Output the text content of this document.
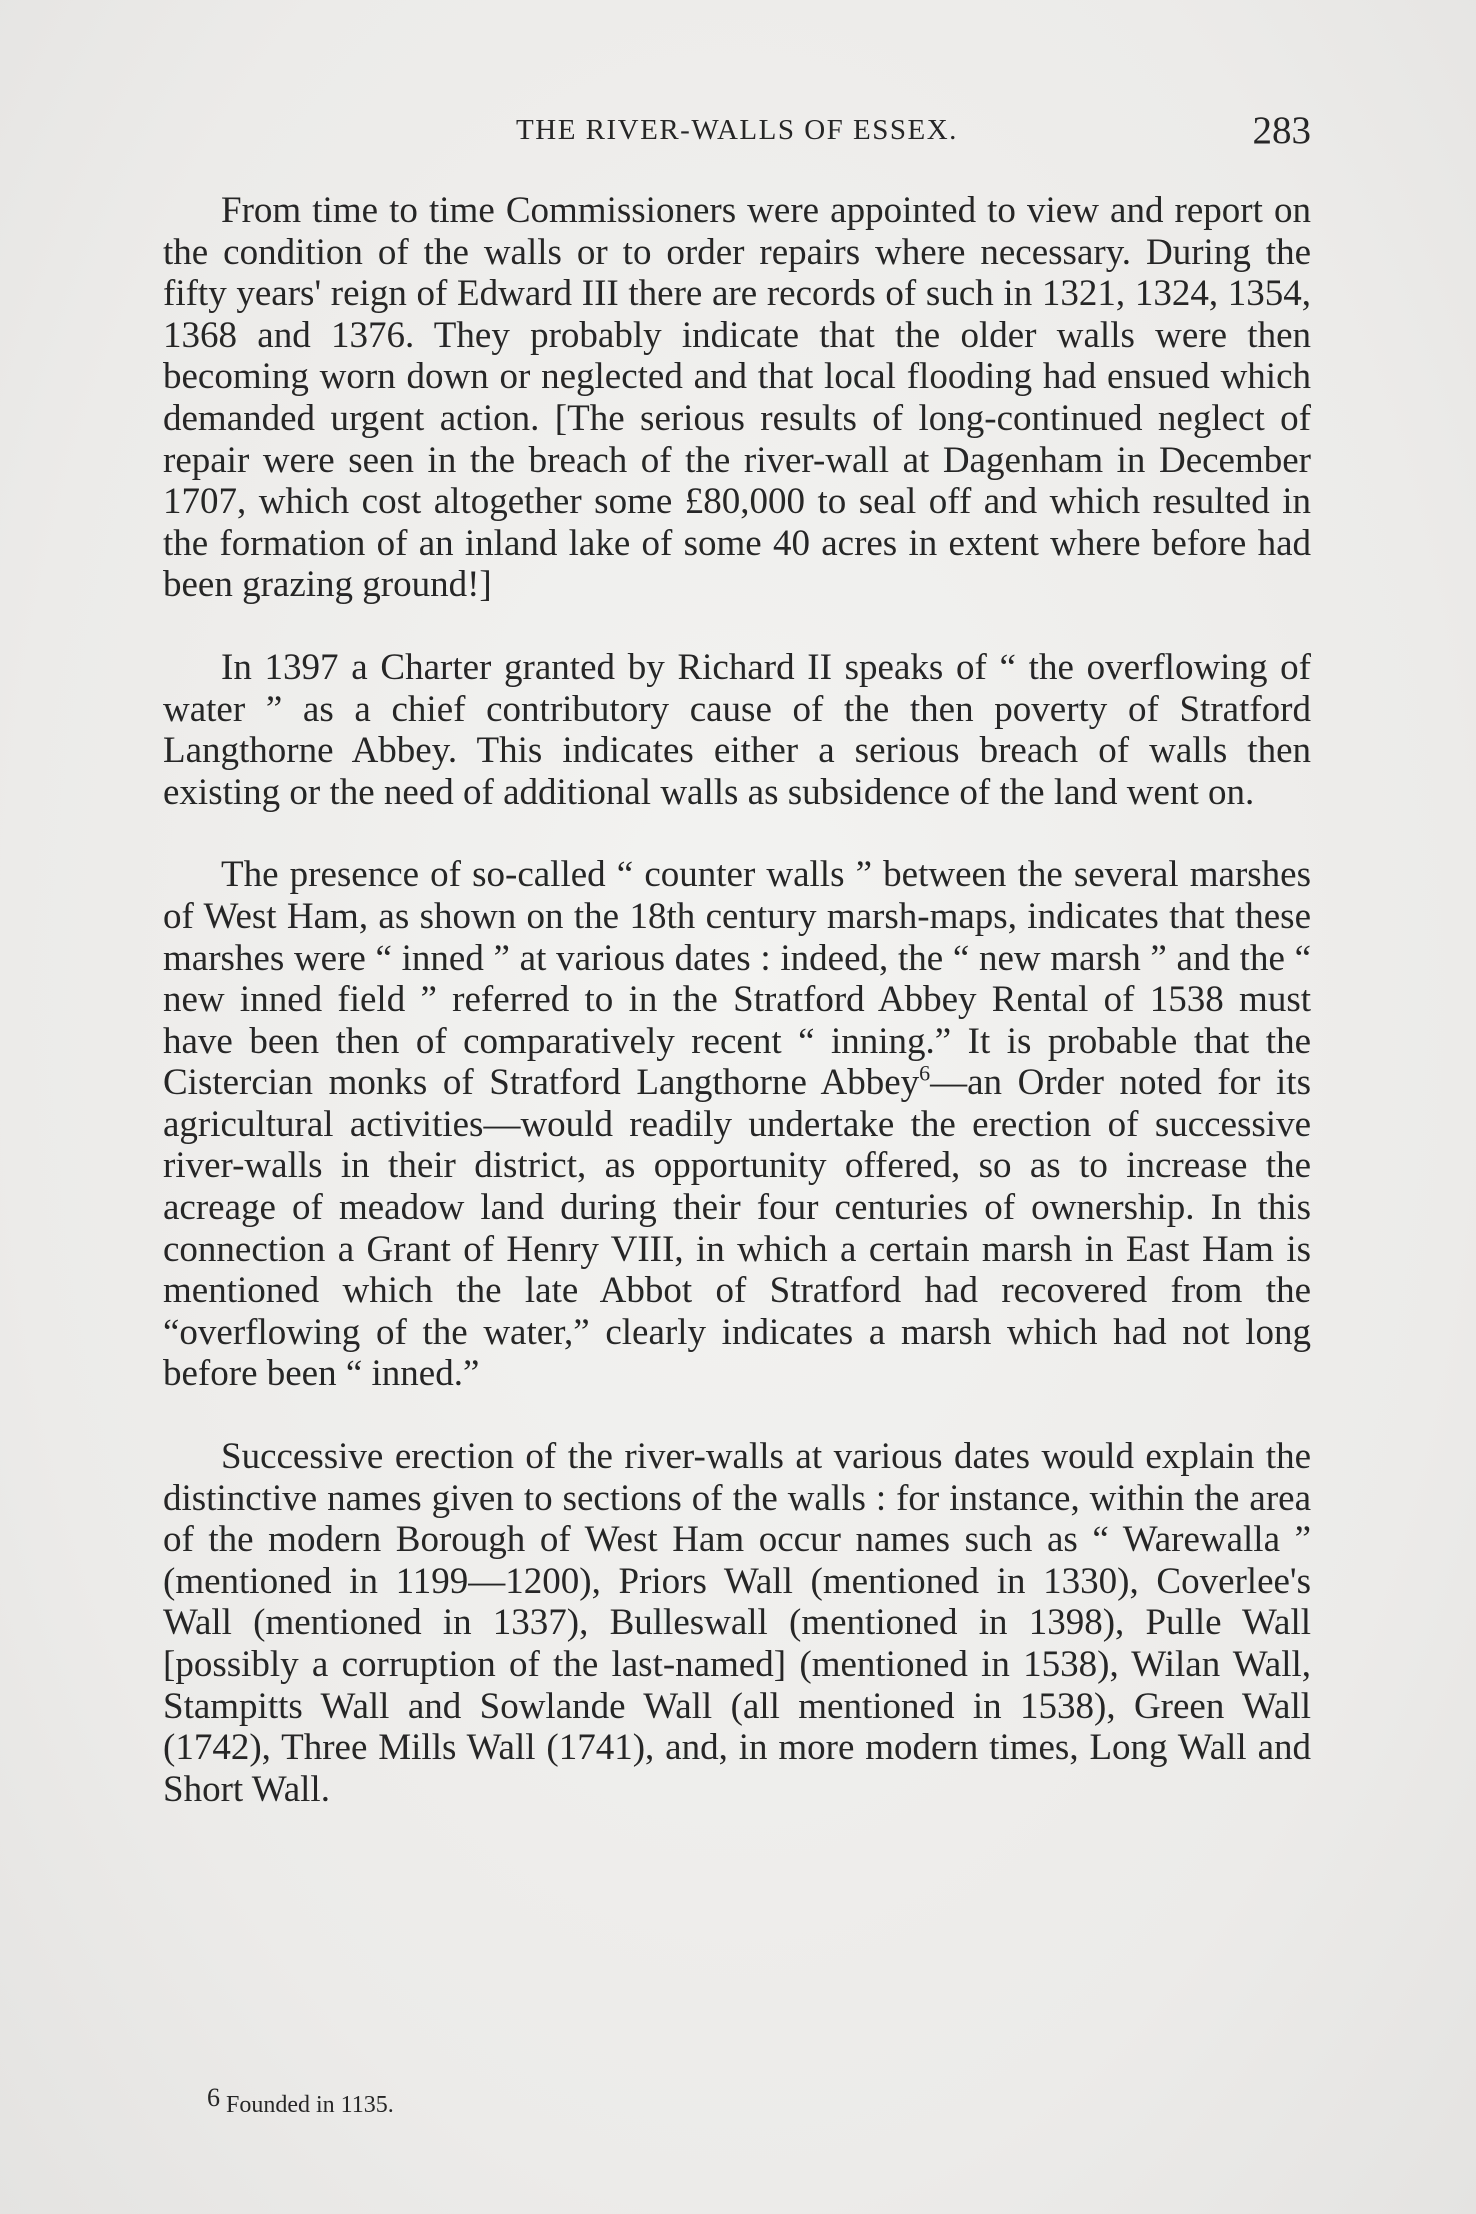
THE RIVER-WALLS OF ESSEX.	283

From time to time Commissioners were appointed to view and report on the condition of the walls or to order repairs where necessary. During the fifty years' reign of Edward III there are records of such in 1321, 1324, 1354, 1368 and 1376. They probably indicate that the older walls were then becoming worn down or neglected and that local flooding had ensued which demanded urgent action. [The serious results of long-continued neglect of repair were seen in the breach of the river-wall at Dagenham in December 1707, which cost altogether some £80,000 to seal off and which resulted in the formation of an inland lake of some 40 acres in extent where before had been grazing ground!]

In 1397 a Charter granted by Richard II speaks of “ the overflowing of water ” as a chief contributory cause of the then poverty of Stratford Langthorne Abbey. This indicates either a serious breach of walls then existing or the need of additional walls as subsidence of the land went on.

The presence of so-called “ counter walls ” between the several marshes of West Ham, as shown on the 18th century marsh-maps, indicates that these marshes were “ inned ” at various dates : indeed, the “ new marsh ” and the “ new inned field ” referred to in the Stratford Abbey Rental of 1538 must have been then of comparatively recent “ inning.” It is probable that the Cistercian monks of Stratford Langthorne Abbey$^6$—an Order noted for its agricultural activities—would readily undertake the erection of successive river-walls in their district, as opportunity offered, so as to increase the acreage of meadow land during their four centuries of ownership. In this connection a Grant of Henry VIII, in which a certain marsh in East Ham is mentioned which the late Abbot of Stratford had recovered from the “overflowing of the water,” clearly indicates a marsh which had not long before been “ inned.”

Successive erection of the river-walls at various dates would explain the distinctive names given to sections of the walls : for instance, within the area of the modern Borough of West Ham occur names such as “ Warewalla ” (mentioned in 1199—1200), Priors Wall (mentioned in 1330), Coverlee's Wall (mentioned in 1337), Bulleswall (mentioned in 1398), Pulle Wall [possibly a corruption of the last-named] (mentioned in 1538), Wilan Wall, Stampitts Wall and Sowlande Wall (all mentioned in 1538), Green Wall (1742), Three Mills Wall (1741), and, in more modern times, Long Wall and Short Wall.

6 Founded in 1135.
